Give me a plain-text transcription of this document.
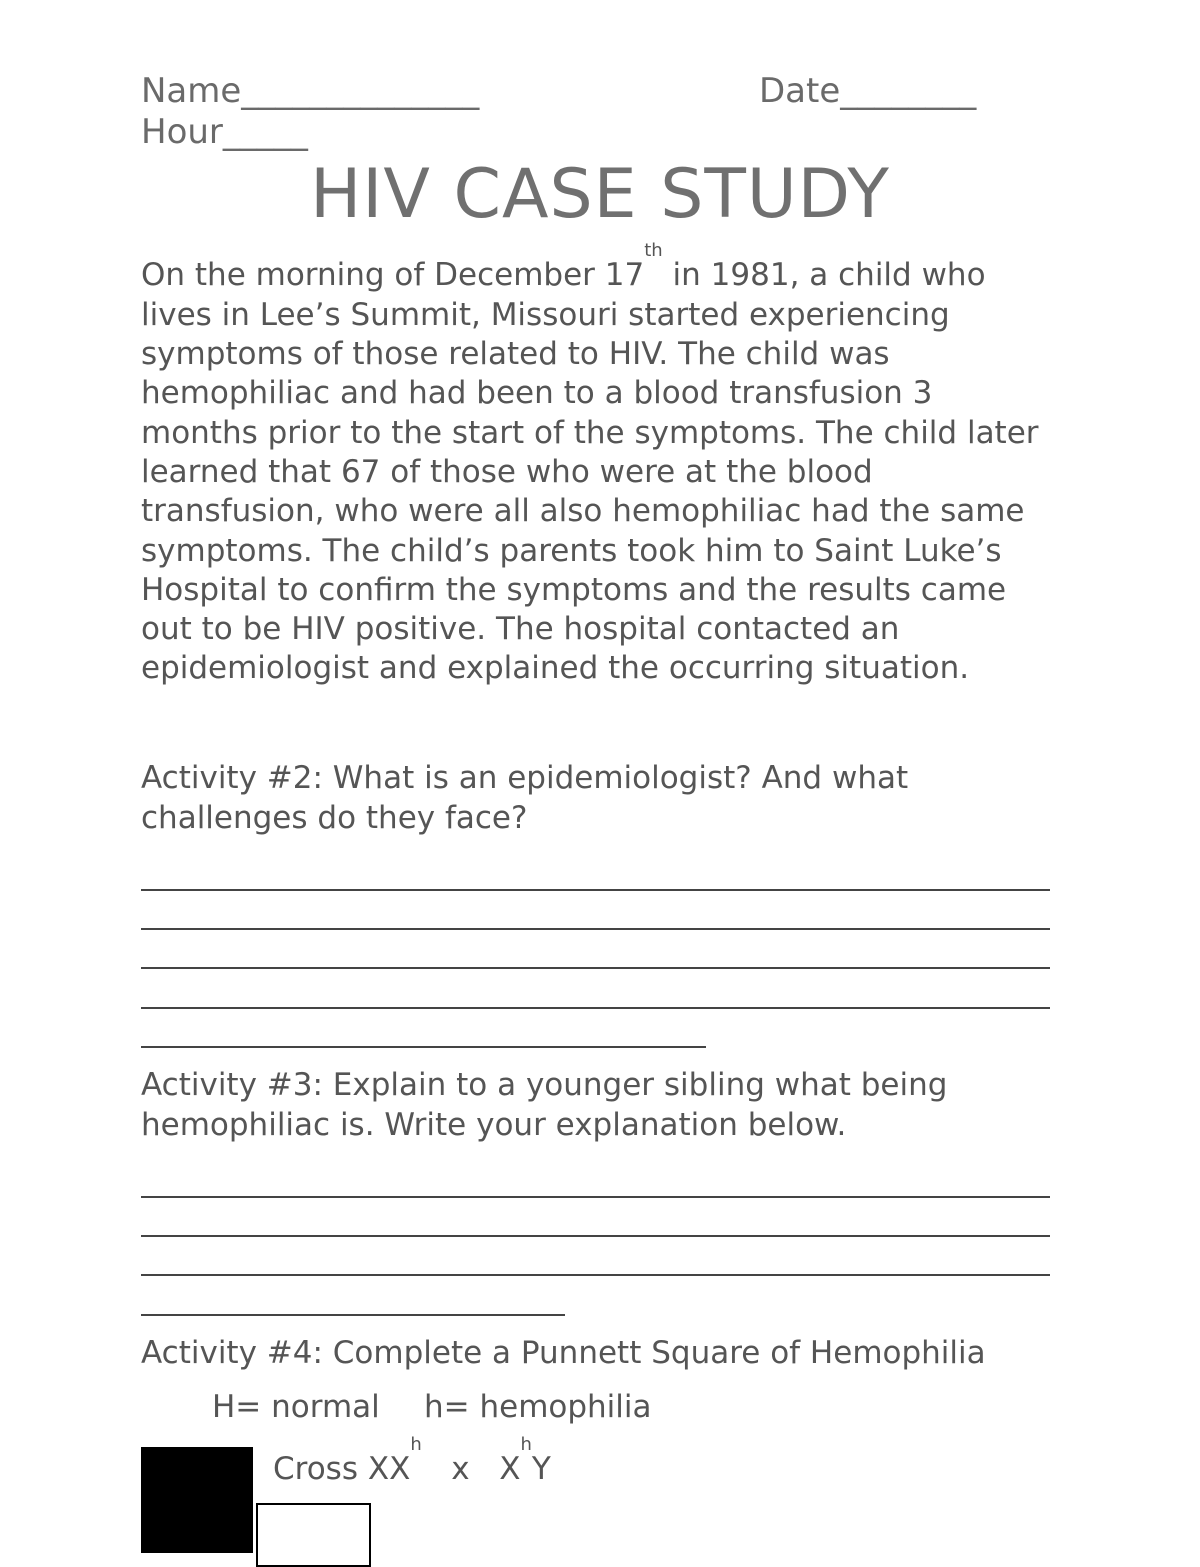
Name______________	Date________
Hour_____
HIV CASE STUDY
On the morning of December 17th in 1981, a child who
lives in Lee’s Summit, Missouri started experiencing
symptoms of those related to HIV. The child was
hemophiliac and had been to a blood transfusion 3
months prior to the start of the symptoms. The child later
learned that 67 of those who were at the blood
transfusion, who were all also hemophiliac had the same
symptoms. The child’s parents took him to Saint Luke’s
Hospital to confirm the symptoms and the results came
out to be HIV positive. The hospital contacted an
epidemiologist and explained the occurring situation.
Activity #2: What is an epidemiologist? And what
challenges do they face?
Activity #3: Explain to a younger sibling what being
hemophiliac is. Write your explanation below.
Activity #4: Complete a Punnett Square of Hemophilia
H= normal h= hemophilia
Cross $XX^h$   x   $X^hY$
